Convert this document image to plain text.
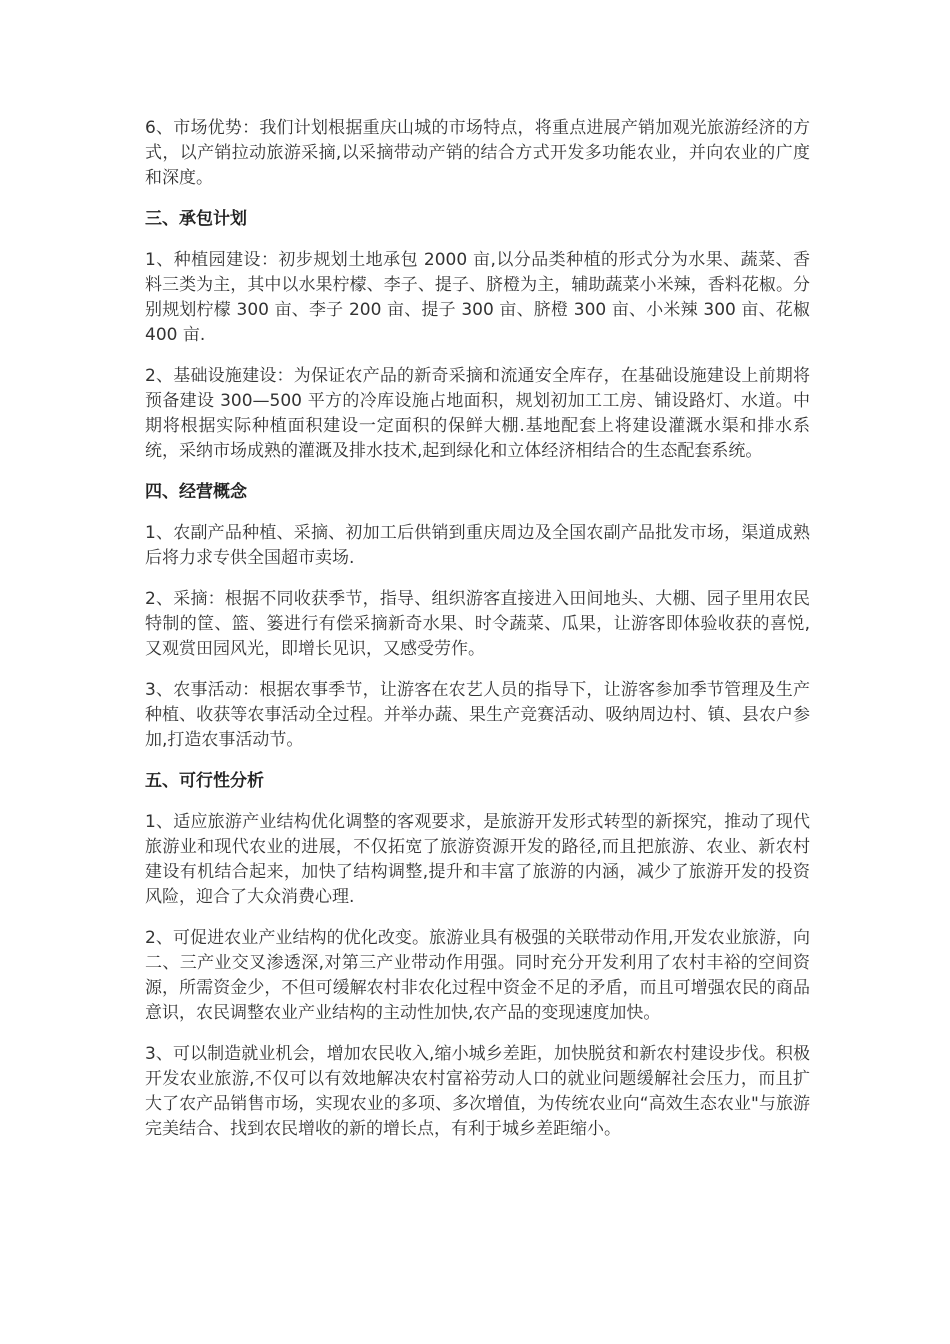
6、市场优势：我们计划根据重庆山城的市场特点，将重点进展产销加观光旅游经济的方式，以产销拉动旅游采摘,以采摘带动产销的结合方式开发多功能农业，并向农业的广度和深度。

三、承包计划

1、种植园建设：初步规划土地承包 2000 亩,以分品类种植的形式分为水果、蔬菜、香料三类为主，其中以水果柠檬、李子、提子、脐橙为主，辅助蔬菜小米辣，香料花椒。分别规划柠檬 300 亩、李子 200 亩、提子 300 亩、脐橙 300 亩、小米辣 300 亩、花椒 400 亩.

2、基础设施建设：为保证农产品的新奇采摘和流通安全库存，在基础设施建设上前期将预备建设 300—500 平方的冷库设施占地面积，规划初加工工房、铺设路灯、水道。中期将根据实际种植面积建设一定面积的保鲜大棚.基地配套上将建设灌溉水渠和排水系统，采纳市场成熟的灌溉及排水技术,起到绿化和立体经济相结合的生态配套系统。

四、经营概念

1、农副产品种植、采摘、初加工后供销到重庆周边及全国农副产品批发市场，渠道成熟后将力求专供全国超市卖场.

2、采摘：根据不同收获季节，指导、组织游客直接进入田间地头、大棚、园子里用农民特制的筐、篮、篓进行有偿采摘新奇水果、时令蔬菜、瓜果，让游客即体验收获的喜悦,又观赏田园风光，即增长见识，又感受劳作。

3、农事活动：根据农事季节，让游客在农艺人员的指导下，让游客参加季节管理及生产种植、收获等农事活动全过程。并举办蔬、果生产竞赛活动、吸纳周边村、镇、县农户参加,打造农事活动节。

五、可行性分析

1、适应旅游产业结构优化调整的客观要求，是旅游开发形式转型的新探究，推动了现代旅游业和现代农业的进展，不仅拓宽了旅游资源开发的路径,而且把旅游、农业、新农村建设有机结合起来，加快了结构调整,提升和丰富了旅游的内涵，减少了旅游开发的投资风险，迎合了大众消费心理.

2、可促进农业产业结构的优化改变。旅游业具有极强的关联带动作用,开发农业旅游，向二、三产业交叉渗透深,对第三产业带动作用强。同时充分开发利用了农村丰裕的空间资源，所需资金少，不但可缓解农村非农化过程中资金不足的矛盾，而且可增强农民的商品意识，农民调整农业产业结构的主动性加快,农产品的变现速度加快。

3、可以制造就业机会，增加农民收入,缩小城乡差距，加快脱贫和新农村建设步伐。积极开发农业旅游,不仅可以有效地解决农村富裕劳动人口的就业问题缓解社会压力，而且扩大了农产品销售市场，实现农业的多项、多次增值，为传统农业向“高效生态农业"与旅游完美结合、找到农民增收的新的增长点，有利于城乡差距缩小。
